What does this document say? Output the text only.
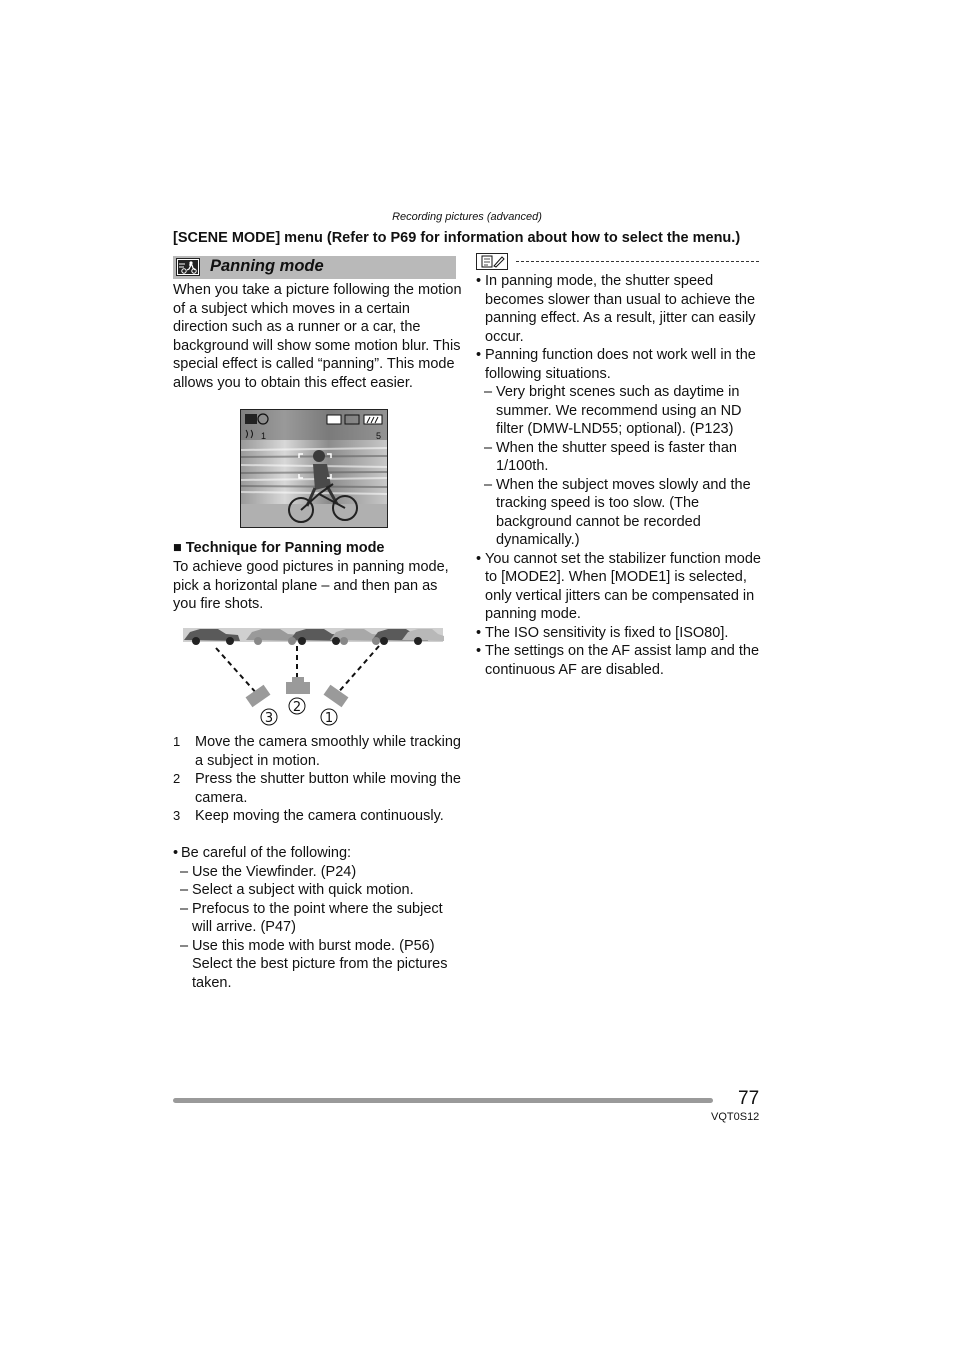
Recording pictures (advanced)
[SCENE MODE] menu (Refer to P69 for information about how to select the menu.)
Panning mode

When you take a picture following the motion of a subject which moves in a certain direction such as a runner or a car, the background will show some motion blur. This special effect is called “panning”. This mode allows you to obtain this effect easier.

1	5
■ Technique for Panning mode
To achieve good pictures in panning mode, pick a horizontal plane – and then pan as you fire shots.
3
2
1
1	Move the camera smoothly while tracking a subject in motion.
2	Press the shutter button while moving the camera.
3	Keep moving the camera continuously.
• Be careful of the following:
– Use the Viewfinder. (P24)
– Select a subject with quick motion.
– Prefocus to the point where the subject will arrive. (P47)
– Use this mode with burst mode. (P56) Select the best picture from the pictures taken.
• In panning mode, the shutter speed becomes slower than usual to achieve the panning effect. As a result, jitter can easily occur.
• Panning function does not work well in the following situations.
– Very bright scenes such as daytime in summer. We recommend using an ND filter (DMW-LND55; optional). (P123)
– When the shutter speed is faster than 1/100th.
– When the subject moves slowly and the tracking speed is too slow. (The background cannot be recorded dynamically.)
• You cannot set the stabilizer function mode to [MODE2]. When [MODE1] is selected, only vertical jitters can be compensated in panning mode.
• The ISO sensitivity is fixed to [ISO80].
• The settings on the AF assist lamp and the continuous AF are disabled.
77
VQT0S12
